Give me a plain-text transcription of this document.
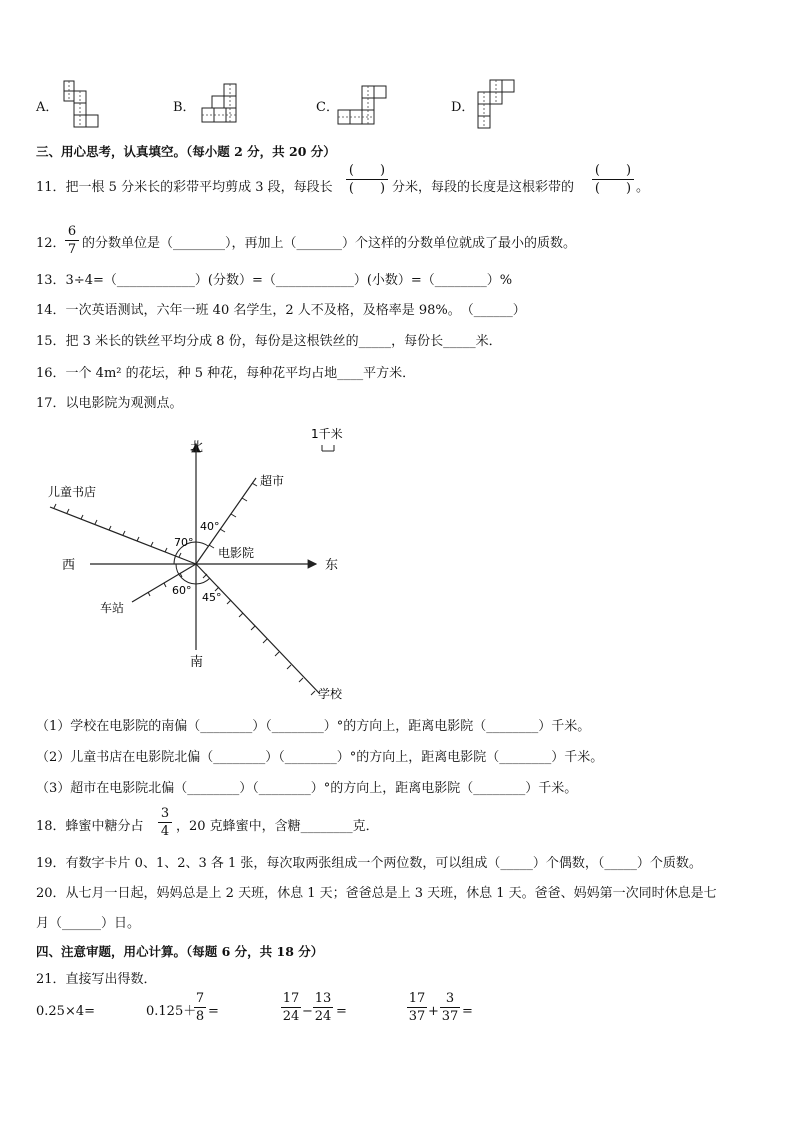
A．	B．	C．	D．
三、用心思考，认真填空。（每小题 2 分，共 20 分）
11．把一根 5 分米长的彩带平均剪成 3 段，每段长
(　　)
(　　) 分米，每段的长度是这根彩带的
(　　)
(　　) 。
12．
6
7 的分数单位是（________），再加上（_______）个这样的分数单位就成了最小的质数。
13．3÷4=（____________）(分数）=（____________）(小数）=（________）%
14．一次英语测试，六年一班 40 名学生，2 人不及格，及格率是 98%。　（______）
15．把 3 米长的铁丝平均分成 8 份，每份是这根铁丝的_____，每份长_____米．
16．一个 4m² 的花坛，种 5 种花，每种花平均占地____平方米．
17．以电影院为观测点。
北
南
东
西
电影院
超市
儿童书店
车站
学校
1千米
40°
70°
60°
45°
（1）学校在电影院的南偏（________）（________）°的方向上，距离电影院（________）千米。
（2）儿童书店在电影院北偏（________）（________）°的方向上，距离电影院（________）千米。
（3）超市在电影院北偏（________）（________）°的方向上，距离电影院（________）千米。
18．蜂蜜中糖分占
3
4 ，20 克蜂蜜中，含糖________克．
19．有数字卡片 0、1、2、3 各 1 张，每次取两张组成一个两位数，可以组成（_____）个偶数，（_____）个质数。
20．从七月一日起，妈妈总是上 2 天班，休息 1 天；爸爸总是上 3 天班，休息 1 天。爸爸、妈妈第一次同时休息是七
月（______）日。
四、注意审题，用心计算。（每题 6 分，共 18 分）
21．直接写出得数．
0.25×4=	0.125＋
7
8 =
17
24 −
13
24 =
17
37 +
3
37 =
